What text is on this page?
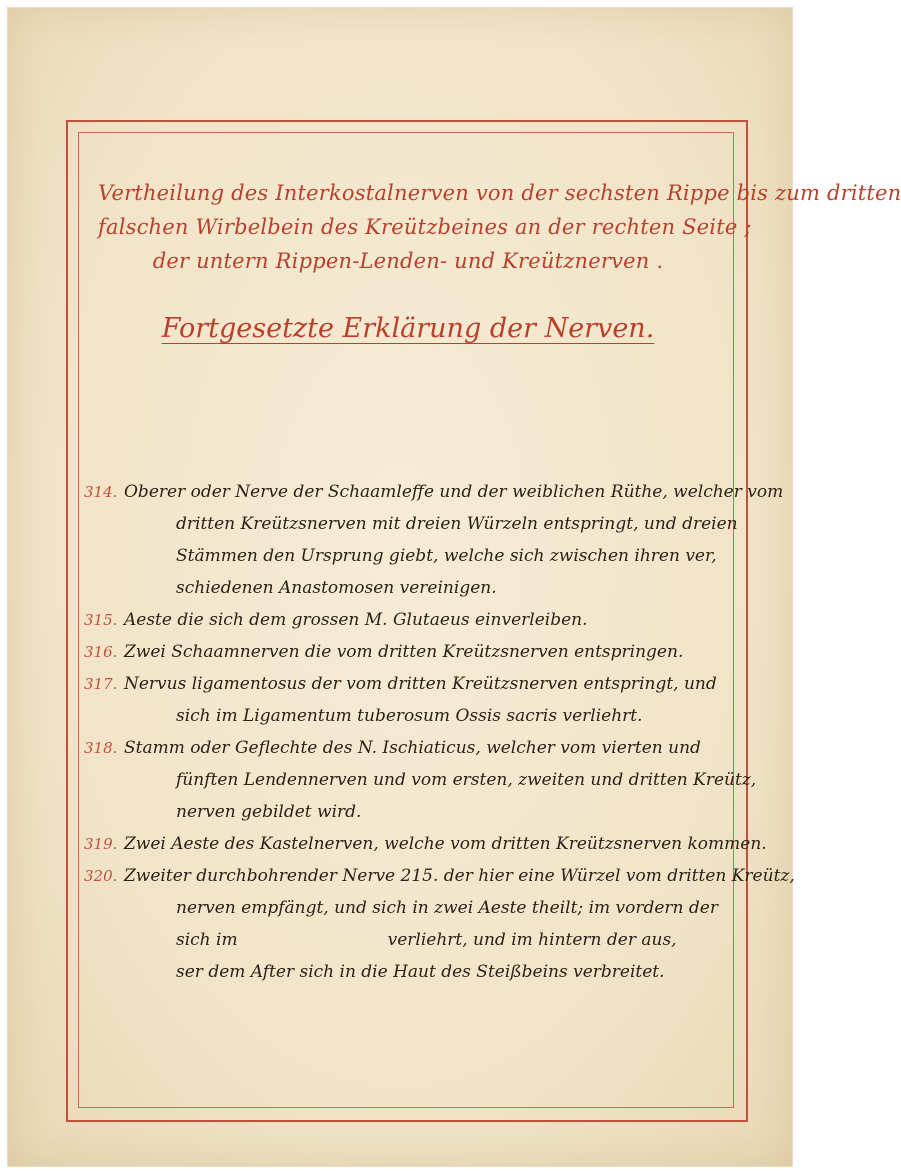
Vertheilung des Interkostalnerven von der sechsten Rippe bis zum dritten
falschen Wirbelbein des Kreützbeines an der rechten Seite ;
der untern Rippen-Lenden- und Kreütznerven .
Fortgesetzte Erklärung der Nerven.
314. Oberer oder Nerve der Schaamleffe und der weiblichen Rüthe, welcher vom
dritten Kreützsnerven mit dreien Würzeln entspringt, und dreien
Stämmen den Ursprung giebt, welche sich zwischen ihren ver,
schiedenen Anastomosen vereinigen.
315. Aeste die sich dem grossen M. Glutaeus einverleiben.
316. Zwei Schaamnerven die vom dritten Kreützsnerven entspringen.
317. Nervus ligamentosus der vom dritten Kreützsnerven entspringt, und
sich im Ligamentum tuberosum Ossis sacris verliehrt.
318. Stamm oder Geflechte des N. Ischiaticus, welcher vom vierten und
fünften Lendennerven und vom ersten, zweiten und dritten Kreütz,
nerven gebildet wird.
319. Zwei Aeste des Kastelnerven, welche vom dritten Kreützsnerven kommen.
320. Zweiter durchbohrender Nerve 215. der hier eine Würzel vom dritten Kreütz,
nerven empfängt, und sich in zwei Aeste theilt; im vordern der
sich im	verliehrt, und im hintern der aus,
ser dem After sich in die Haut des Steißbeins verbreitet.
